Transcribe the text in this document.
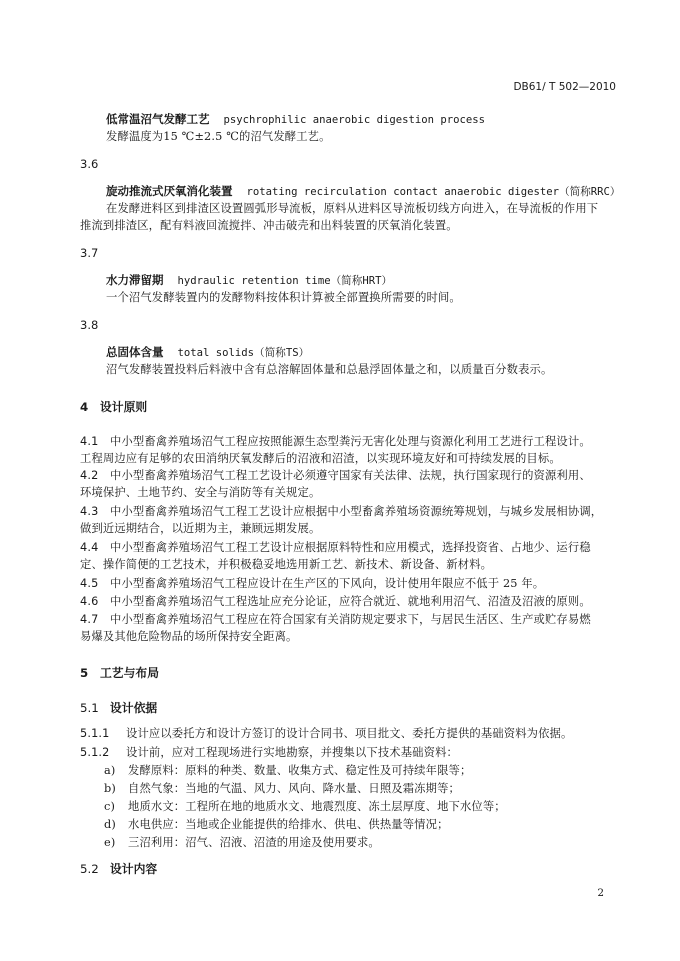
DB61/ T 502—2010
低常温沼气发酵工艺 psychrophilic anaerobic digestion process
发酵温度为15 ℃±2.5 ℃的沼气发酵工艺。
3.6
旋动推流式厌氧消化装置 rotating recirculation contact anaerobic digester（简称RRC）
在发酵进料区到排渣区设置圆弧形导流板，原料从进料区导流板切线方向进入，在导流板的作用下
推流到排渣区，配有料液回流搅拌、冲击破壳和出料装置的厌氧消化装置。
3.7
水力滞留期 hydraulic retention time（简称HRT）
一个沼气发酵装置内的发酵物料按体积计算被全部置换所需要的时间。
3.8
总固体含量 total solids（简称TS）
沼气发酵装置投料后料液中含有总溶解固体量和总悬浮固体量之和，以质量百分数表示。
4 设计原则
4.1 中小型畜禽养殖场沼气工程应按照能源生态型粪污无害化处理与资源化利用工艺进行工程设计。
工程周边应有足够的农田消纳厌氧发酵后的沼液和沼渣，以实现环境友好和可持续发展的目标。
4.2 中小型畜禽养殖场沼气工程工艺设计必须遵守国家有关法律、法规，执行国家现行的资源利用、
环境保护、土地节约、安全与消防等有关规定。
4.3 中小型畜禽养殖场沼气工程工艺设计应根据中小型畜禽养殖场资源统筹规划，与城乡发展相协调，
做到近远期结合，以近期为主，兼顾远期发展。
4.4 中小型畜禽养殖场沼气工程工艺设计应根据原料特性和应用模式，选择投资省、占地少、运行稳
定、操作简便的工艺技术，并积极稳妥地选用新工艺、新技术、新设备、新材料。
4.5 中小型畜禽养殖场沼气工程应设计在生产区的下风向，设计使用年限应不低于 25 年。
4.6 中小型畜禽养殖场沼气工程选址应充分论证，应符合就近、就地利用沼气、沼渣及沼液的原则。
4.7 中小型畜禽养殖场沼气工程应在符合国家有关消防规定要求下，与居民生活区、生产或贮存易燃
易爆及其他危险物品的场所保持安全距离。
5 工艺与布局
5.1 设计依据
5.1.1 设计应以委托方和设计方签订的设计合同书、项目批文、委托方提供的基础资料为依据。
5.1.2 设计前，应对工程现场进行实地勘察，并搜集以下技术基础资料：
a) 发酵原料：原料的种类、数量、收集方式、稳定性及可持续年限等；
b) 自然气象：当地的气温、风力、风向、降水量、日照及霜冻期等；
c) 地质水文：工程所在地的地质水文、地震烈度、冻土层厚度、地下水位等；
d) 水电供应：当地或企业能提供的给排水、供电、供热量等情况；
e) 三沼利用：沼气、沼液、沼渣的用途及使用要求。
5.2 设计内容
2
